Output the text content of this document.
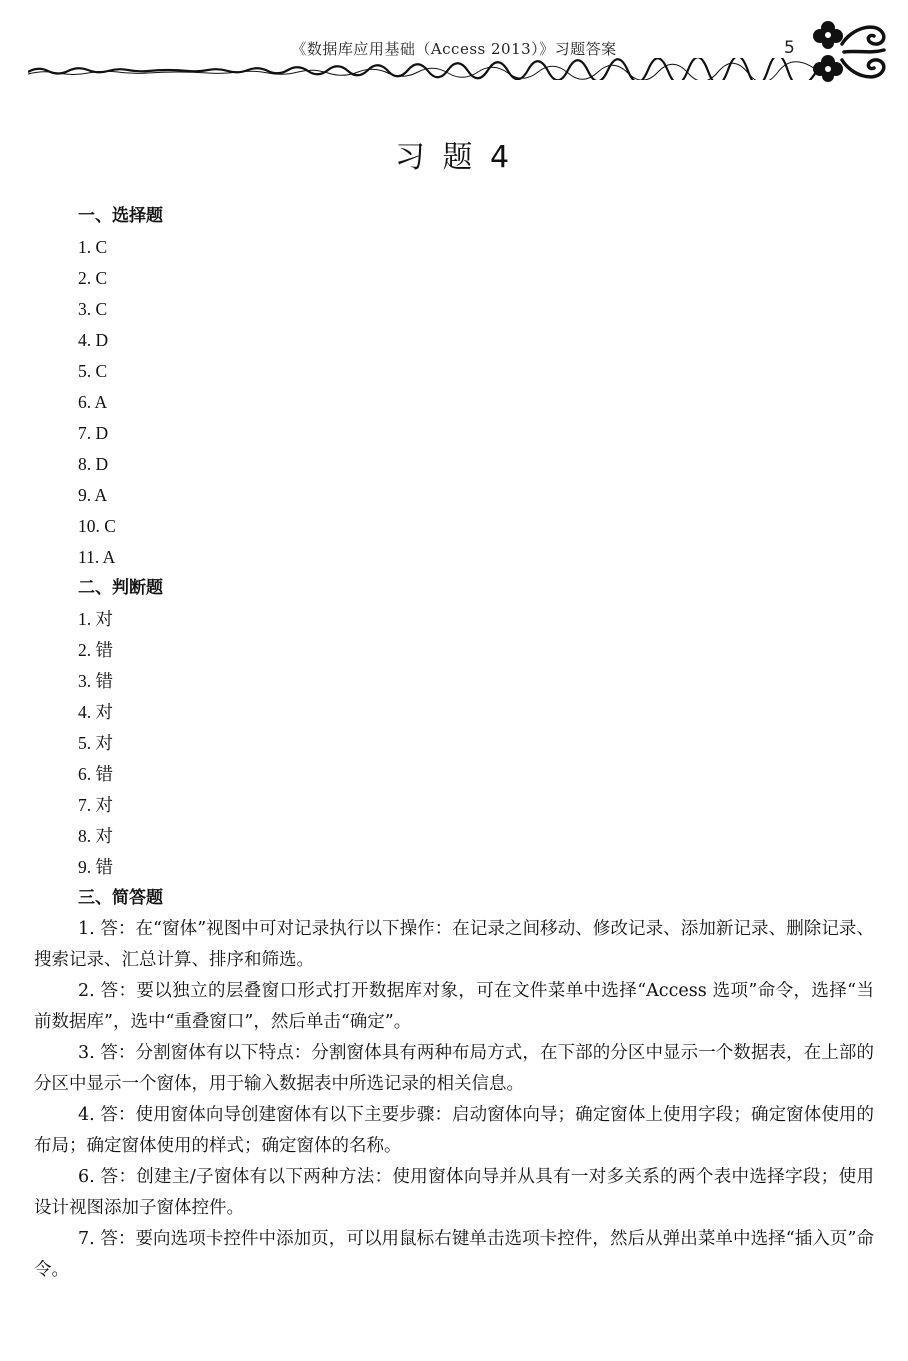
《数据库应用基础（Access 2013）》习题答案	5
习 题 4
一、选择题
1. C
2. C
3. C
4. D
5. C
6. A
7. D
8. D
9. A
10. C
11. A
二、判断题
1. 对
2. 错
3. 错
4. 对
5. 对
6. 错
7. 对
8. 对
9. 错
三、简答题

1. 答：在“窗体”视图中可对记录执行以下操作：在记录之间移动、修改记录、添加新记录、删除记录、搜索记录、汇总计算、排序和筛选。

2. 答：要以独立的层叠窗口形式打开数据库对象，可在文件菜单中选择“Access 选项”命令，选择“当前数据库”，选中“重叠窗口”，然后单击“确定”。

3. 答：分割窗体有以下特点：分割窗体具有两种布局方式，在下部的分区中显示一个数据表，在上部的分区中显示一个窗体，用于输入数据表中所选记录的相关信息。

4. 答：使用窗体向导创建窗体有以下主要步骤：启动窗体向导；确定窗体上使用字段；确定窗体使用的布局；确定窗体使用的样式；确定窗体的名称。

6. 答：创建主/子窗体有以下两种方法：使用窗体向导并从具有一对多关系的两个表中选择字段；使用设计视图添加子窗体控件。

7. 答：要向选项卡控件中添加页，可以用鼠标右键单击选项卡控件，然后从弹出菜单中选择“插入页”命令。
